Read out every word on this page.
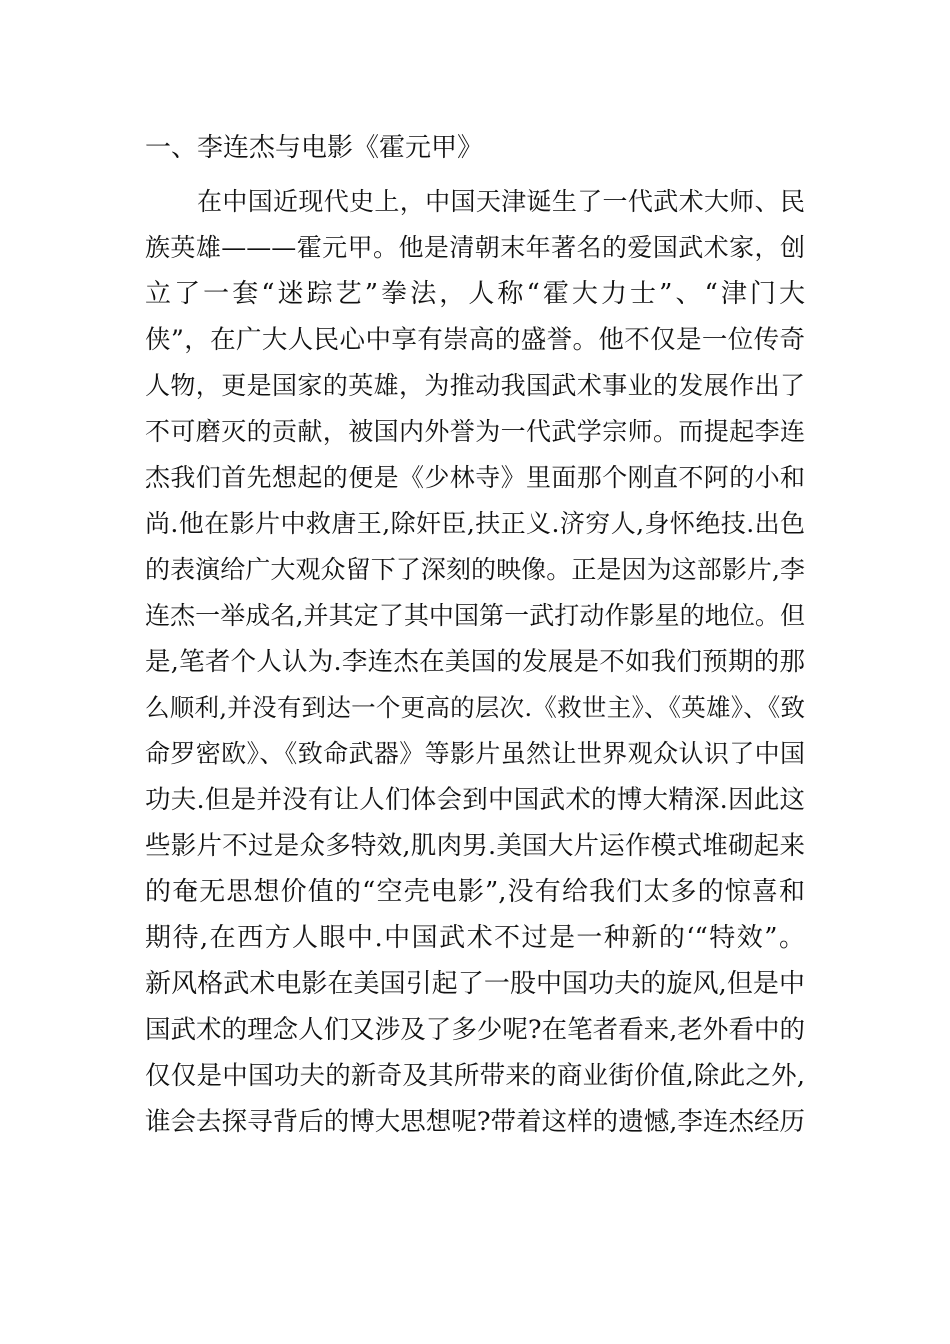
一、李连杰与电影《霍元甲》
在中国近现代史上，中国天津诞生了一代武术大师、民
族英雄———霍元甲。他是清朝末年著名的爱国武术家，创
立了一套“迷踪艺”拳法，人称“霍大力士”、“津门大
侠”，在广大人民心中享有崇高的盛誉。他不仅是一位传奇
人物，更是国家的英雄，为推动我国武术事业的发展作出了
不可磨灭的贡献，被国内外誉为一代武学宗师。而提起李连
杰我们首先想起的便是《少林寺》里面那个刚直不阿的小和
尚.他在影片中救唐王,除奸臣,扶正义.济穷人,身怀绝技.出色
的表演给广大观众留下了深刻的映像。正是因为这部影片,李
连杰一举成名,并其定了其中国第一武打动作影星的地位。但
是,笔者个人认为.李连杰在美国的发展是不如我们预期的那
么顺利,并没有到达一个更高的层次.《救世主》、《英雄》、《致
命罗密欧》、《致命武器》等影片虽然让世界观众认识了中国
功夫.但是并没有让人们体会到中国武术的博大精深.因此这
些影片不过是众多特效,肌肉男.美国大片运作模式堆砌起来
的奄无思想价值的“空壳电影”,没有给我们太多的惊喜和
期待,在西方人眼中.中国武术不过是一种新的‘“特效”。
新风格武术电影在美国引起了一股中国功夫的旋风,但是中
国武术的理念人们又涉及了多少呢?在笔者看来,老外看中的
仅仅是中国功夫的新奇及其所带来的商业街价值,除此之外,
谁会去探寻背后的博大思想呢?带着这样的遗憾,李连杰经历
